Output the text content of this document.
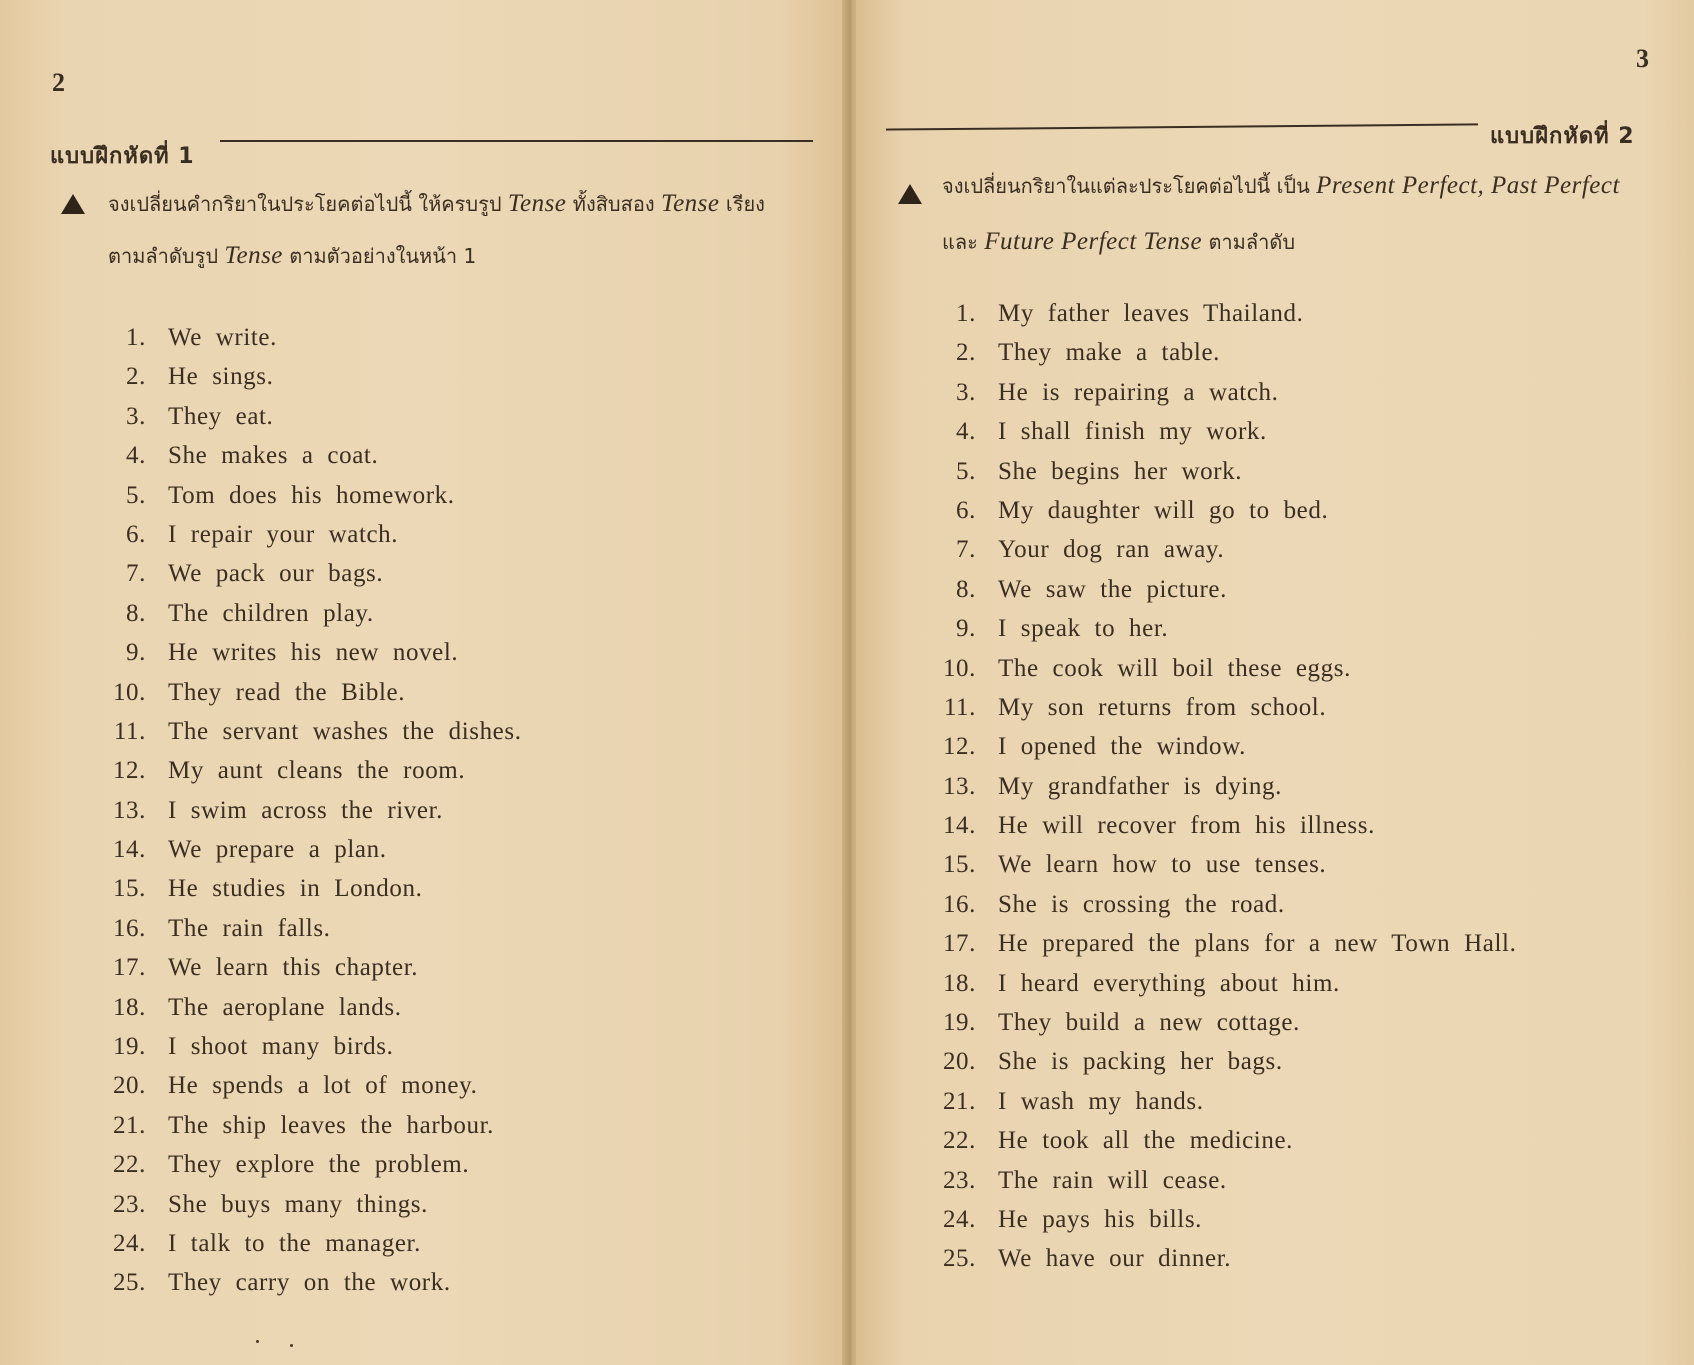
2
แบบฝึกหัดที่ 1
จงเปลี่ยนคำกริยาในประโยคต่อไปนี้ ให้ครบรูป Tense ทั้งสิบสอง Tense เรียง
ตามลำดับรูป Tense ตามตัวอย่างในหน้า 1
1. We write.
2. He sings.
3. They eat.
4. She makes a coat.
5. Tom does his homework.
6. I repair your watch.
7. We pack our bags.
8. The children play.
9. He writes his new novel.
10. They read the Bible.
11. The servant washes the dishes.
12. My aunt cleans the room.
13. I swim across the river.
14. We prepare a plan.
15. He studies in London.
16. The rain falls.
17. We learn this chapter.
18. The aeroplane lands.
19. I shoot many birds.
20. He spends a lot of money.
21. The ship leaves the harbour.
22. They explore the problem.
23. She buys many things.
24. I talk to the manager.
25. They carry on the work.
3
แบบฝึกหัดที่ 2
จงเปลี่ยนกริยาในแต่ละประโยคต่อไปนี้ เป็น Present Perfect, Past Perfect
และ Future Perfect Tense ตามลำดับ
1. My father leaves Thailand.
2. They make a table.
3. He is repairing a watch.
4. I shall finish my work.
5. She begins her work.
6. My daughter will go to bed.
7. Your dog ran away.
8. We saw the picture.
9. I speak to her.
10. The cook will boil these eggs.
11. My son returns from school.
12. I opened the window.
13. My grandfather is dying.
14. He will recover from his illness.
15. We learn how to use tenses.
16. She is crossing the road.
17. He prepared the plans for a new Town Hall.
18. I heard everything about him.
19. They build a new cottage.
20. She is packing her bags.
21. I wash my hands.
22. He took all the medicine.
23. The rain will cease.
24. He pays his bills.
25. We have our dinner.
